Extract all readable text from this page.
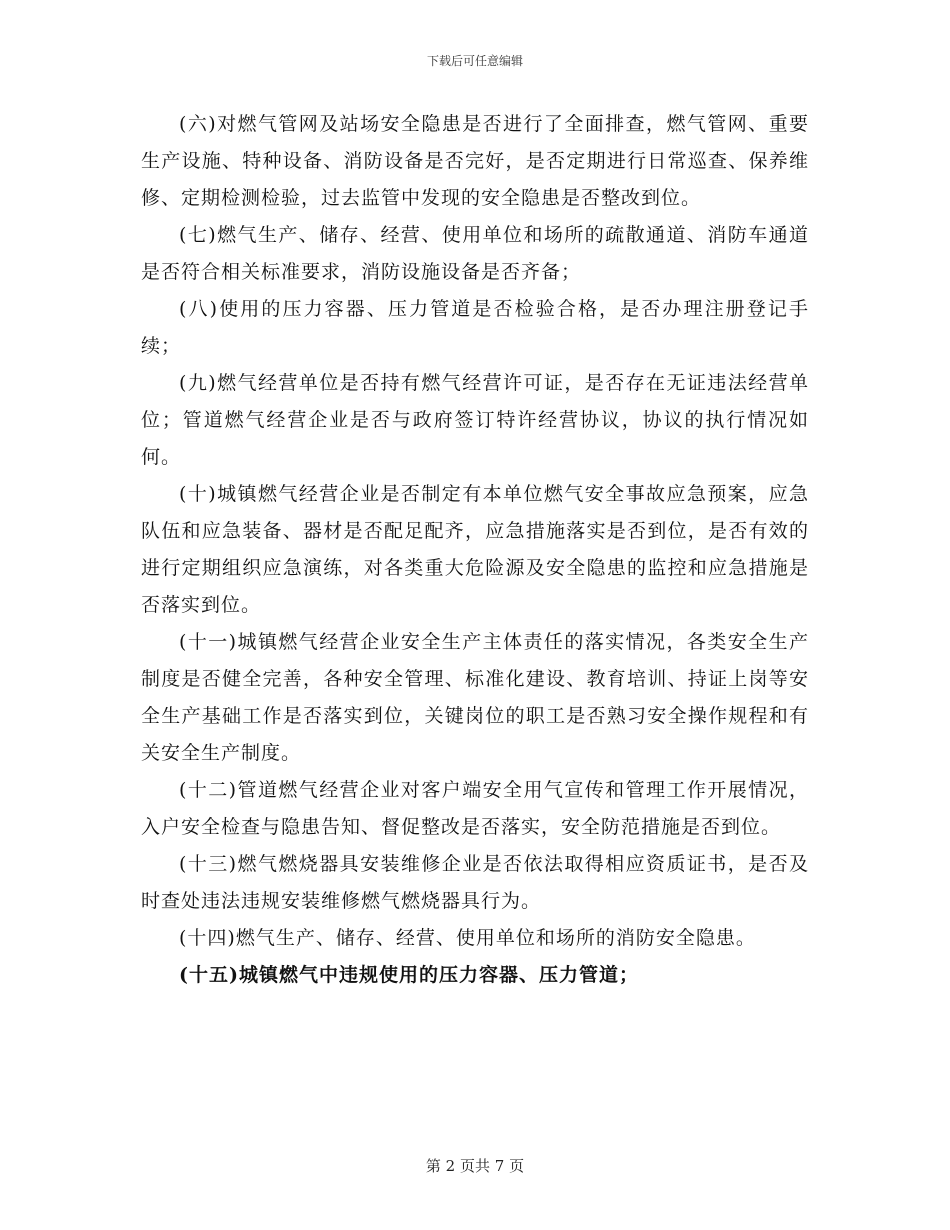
下载后可任意编辑

(六)对燃气管网及站场安全隐患是否进行了全面排查，燃气管网、重要生产设施、特种设备、消防设备是否完好，是否定期进行日常巡查、保养维修、定期检测检验，过去监管中发现的安全隐患是否整改到位。

(七)燃气生产、储存、经营、使用单位和场所的疏散通道、消防车通道是否符合相关标准要求，消防设施设备是否齐备；

(八)使用的压力容器、压力管道是否检验合格，是否办理注册登记手续；

(九)燃气经营单位是否持有燃气经营许可证，是否存在无证违法经营单位；管道燃气经营企业是否与政府签订特许经营协议，协议的执行情况如何。

(十)城镇燃气经营企业是否制定有本单位燃气安全事故应急预案，应急队伍和应急装备、器材是否配足配齐，应急措施落实是否到位，是否有效的进行定期组织应急演练，对各类重大危险源及安全隐患的监控和应急措施是否落实到位。

(十一)城镇燃气经营企业安全生产主体责任的落实情况，各类安全生产制度是否健全完善，各种安全管理、标准化建设、教育培训、持证上岗等安全生产基础工作是否落实到位，关键岗位的职工是否熟习安全操作规程和有关安全生产制度。

(十二)管道燃气经营企业对客户端安全用气宣传和管理工作开展情况，入户安全检查与隐患告知、督促整改是否落实，安全防范措施是否到位。

(十三)燃气燃烧器具安装维修企业是否依法取得相应资质证书，是否及时查处违法违规安装维修燃气燃烧器具行为。

(十四)燃气生产、储存、经营、使用单位和场所的消防安全隐患。

(十五)城镇燃气中违规使用的压力容器、压力管道；

第 2 页共 7 页
